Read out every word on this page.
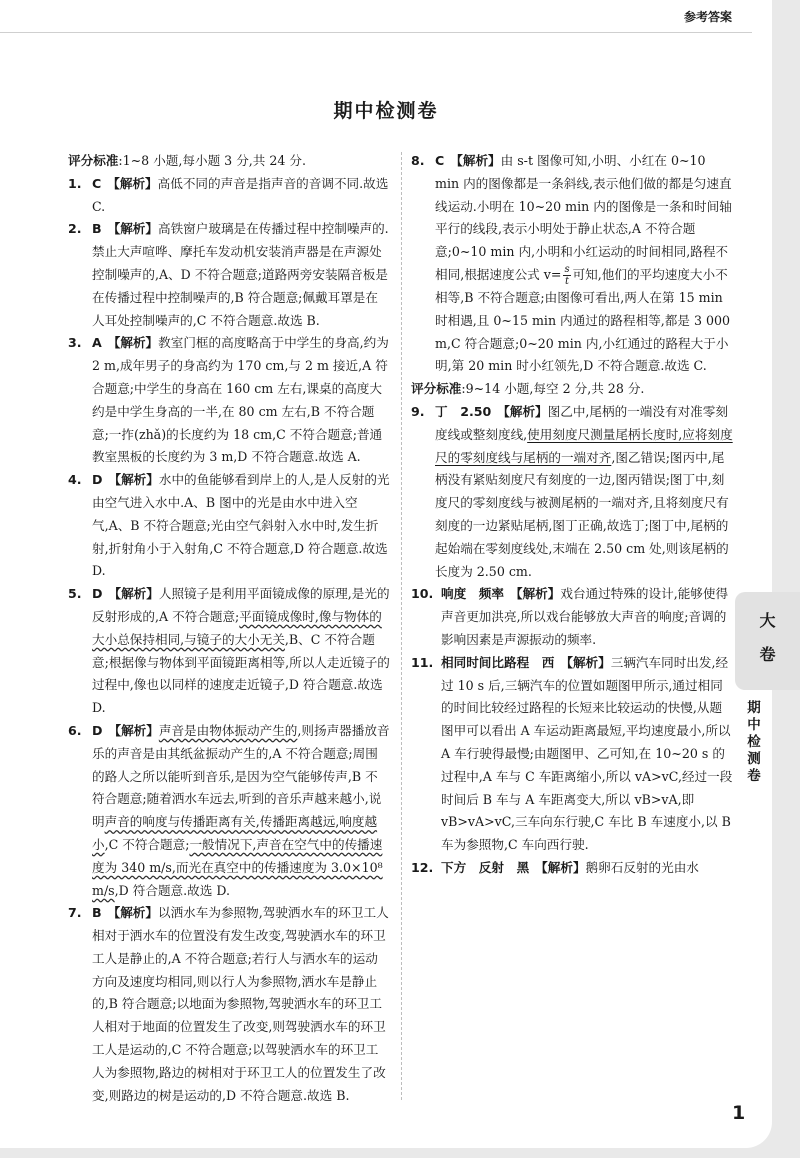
参考答案
期中检测卷
评分标准:1~8 小题,每小题 3 分,共 24 分.
1. C 【解析】高低不同的声音是指声音的音调不同.故选 C.
2. B 【解析】高铁窗户玻璃是在传播过程中控制噪声的.禁止大声喧哗、摩托车发动机安装消声器是在声源处控制噪声的,A、D 不符合题意;道路两旁安装隔音板是在传播过程中控制噪声的,B 符合题意;佩戴耳罩是在人耳处控制噪声的,C 不符合题意.故选 B.
3. A 【解析】教室门框的高度略高于中学生的身高,约为 2 m,成年男子的身高约为 170 cm,与 2 m 接近,A 符合题意;中学生的身高在 160 cm 左右,课桌的高度大约是中学生身高的一半,在 80 cm 左右,B 不符合题意;一拃(zhǎ)的长度约为 18 cm,C 不符合题意;普通教室黑板的长度约为 3 m,D 不符合题意.故选 A.
4. D 【解析】水中的鱼能够看到岸上的人,是人反射的光由空气进入水中.A、B 图中的光是由水中进入空气,A、B 不符合题意;光由空气斜射入水中时,发生折射,折射角小于入射角,C 不符合题意,D 符合题意.故选 D.
5. D 【解析】人照镜子是利用平面镜成像的原理,是光的反射形成的,A 不符合题意;平面镜成像时,像与物体的大小总保持相同,与镜子的大小无关,B、C 不符合题意;根据像与物体到平面镜距离相等,所以人走近镜子的过程中,像也以同样的速度走近镜子,D 符合题意.故选 D.
6. D 【解析】声音是由物体振动产生的,则扬声器播放音乐的声音是由其纸盆振动产生的,A 不符合题意;周围的路人之所以能听到音乐,是因为空气能够传声,B 不符合题意;随着洒水车远去,听到的音乐声越来越小,说明声音的响度与传播距离有关,传播距离越远,响度越小,C 不符合题意;一般情况下,声音在空气中的传播速度为 340 m/s,而光在真空中的传播速度为 3.0×10⁸ m/s,D 符合题意.故选 D.
7. B 【解析】以洒水车为参照物,驾驶洒水车的环卫工人相对于洒水车的位置没有发生改变,驾驶洒水车的环卫工人是静止的,A 不符合题意;若行人与洒水车的运动方向及速度均相同,则以行人为参照物,洒水车是静止的,B 符合题意;以地面为参照物,驾驶洒水车的环卫工人相对于地面的位置发生了改变,则驾驶洒水车的环卫工人是运动的,C 不符合题意;以驾驶洒水车的环卫工人为参照物,路边的树相对于环卫工人的位置发生了改变,则路边的树是运动的,D 不符合题意.故选 B.
8. C 【解析】由 s-t 图像可知,小明、小红在 0~10 min 内的图像都是一条斜线,表示他们做的都是匀速直线运动.小明在 10~20 min 内的图像是一条和时间轴平行的线段,表示小明处于静止状态,A 不符合题意;0~10 min 内,小明和小红运动的时间相同,路程不相同,根据速度公式 $v= \frac{s}{t}$ 可知,他们的平均速度大小不相等,B 不符合题意;由图像可看出,两人在第 15 min 时相遇,且 0~15 min 内通过的路程相等,都是 3 000 m,C 符合题意;0~20 min 内,小红通过的路程大于小明,第 20 min 时小红领先,D 不符合题意.故选 C.
评分标准:9~14 小题,每空 2 分,共 28 分.
9. 丁　2.50 【解析】图乙中,尾柄的一端没有对准零刻度线或整刻度线,使用刻度尺测量尾柄长度时,应将刻度尺的零刻度线与尾柄的一端对齐,图乙错误;图丙中,尾柄没有紧贴刻度尺有刻度的一边,图丙错误;图丁中,刻度尺的零刻度线与被测尾柄的一端对齐,且将刻度尺有刻度的一边紧贴尾柄,图丁正确,故选丁;图丁中,尾柄的起始端在零刻度线处,末端在 2.50 cm 处,则该尾柄的长度为 2.50 cm.
10. 响度　频率 【解析】戏台通过特殊的设计,能够使得声音更加洪亮,所以戏台能够放大声音的响度;音调的影响因素是声源振动的频率.
11. 相同时间比路程　西 【解析】三辆汽车同时出发,经过 10 s 后,三辆汽车的位置如题图甲所示,通过相同的时间比较经过路程的长短来比较运动的快慢,从题图甲可以看出 A 车运动距离最短,平均速度最小,所以 A 车行驶得最慢;由题图甲、乙可知,在 10~20 s 的过程中,A 车与 C 车距离缩小,所以 vA>vC,经过一段时间后 B 车与 A 车距离变大,所以 vB>vA,即 vB>vA>vC,三车向东行驶,C 车比 B 车速度小,以 B 车为参照物,C 车向西行驶.
12. 下方　反射　黑 【解析】鹅卵石反射的光由水
1
大
卷
期中检测卷
